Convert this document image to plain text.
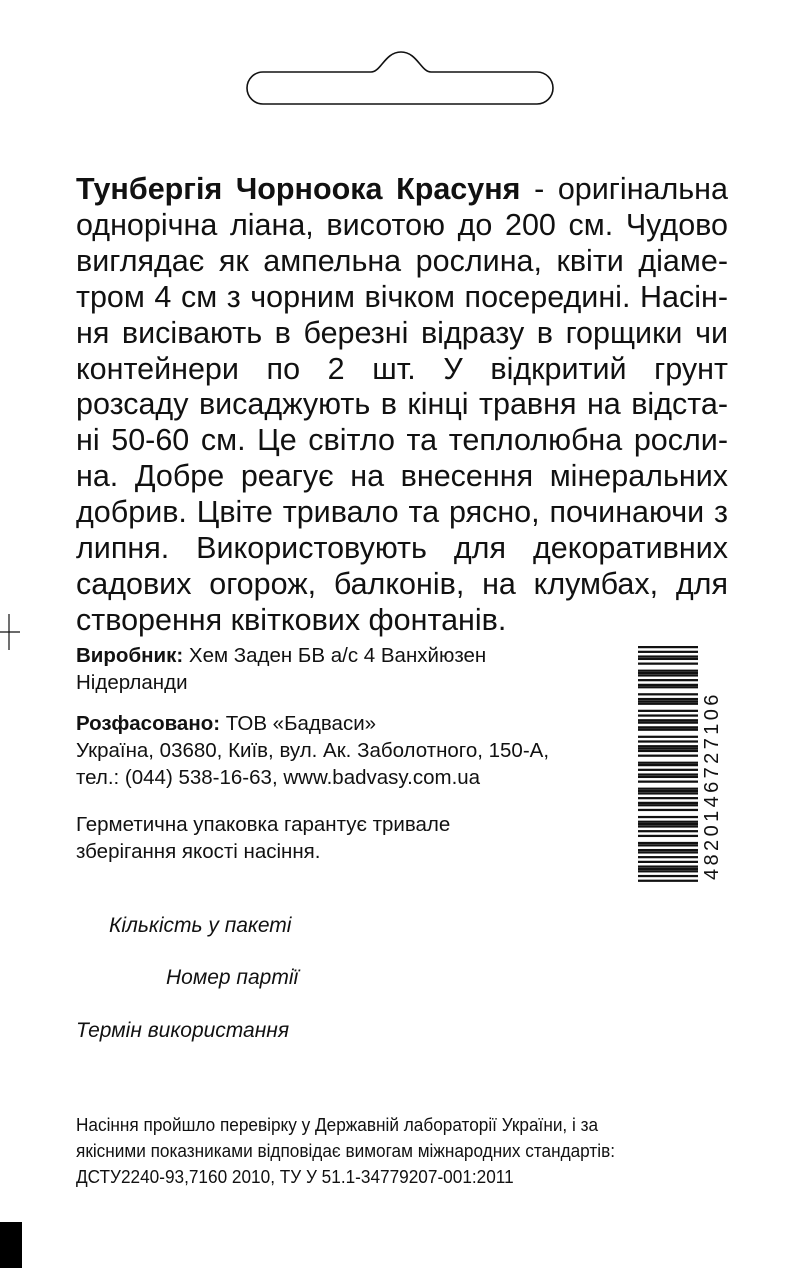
Тунбергія Чорноока Красуня - оригінальна однорічна ліана, висотою до 200 см. Чудово виглядає як ампельна рослина, квіти діаме-тром 4 см з чорним вічком посередині. Насін-ня висівають в березні відразу в горщики чи контейнери по 2 шт. У відкритий грунт розсаду висаджують в кінці травня на відста-ні 50-60 см. Це світло та теплолюбна росли-на. Добре реагує на внесення мінеральних добрив. Цвіте тривало та рясно, починаючи з липня. Використовують для декоративних садових огорож, балконів, на клумбах, для створення квіткових фонтанів.

Виробник: Хем Заден БВ а/с 4 Ванхйюзен
Нідерланди

Розфасовано: ТОВ «Бадваси»
Україна, 03680, Київ, вул. Ак. Заболотного, 150-А,
тел.: (044) 538-16-63, www.badvasy.com.ua

Герметична упаковка гарантує тривале
зберігання якості насіння.	4820146727106
Кількість у пакеті
Номер партії
Термін використання

Насіння пройшло перевірку у Державній лабораторії України, і за
якісними показниками відповідає вимогам міжнародних стандартів:
ДСТУ2240-93,7160 2010, ТУ У 51.1-34779207-001:2011
